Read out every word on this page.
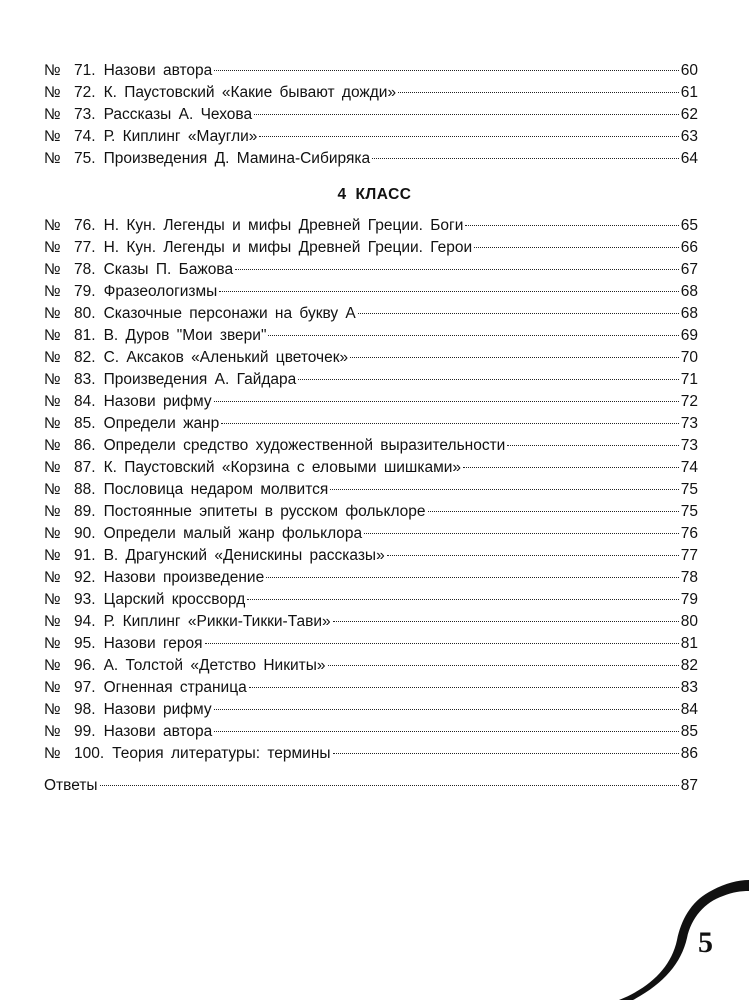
№ 71. Назови автора	60
№ 72. К. Паустовский «Какие бывают дожди»	61
№ 73. Рассказы А. Чехова	62
№ 74. Р. Киплинг «Маугли»	63
№ 75. Произведения Д. Мамина-Сибиряка	64
4 КЛАСС
№ 76. Н. Кун. Легенды и мифы Древней Греции. Боги	65
№ 77. Н. Кун. Легенды и мифы Древней Греции. Герои	66
№ 78. Сказы П. Бажова	67
№ 79. Фразеологизмы	68
№ 80. Сказочные персонажи на букву А	68
№ 81. В. Дуров "Мои звери"	69
№ 82. С. Аксаков «Аленький цветочек»	70
№ 83. Произведения А. Гайдара	71
№ 84. Назови рифму	72
№ 85. Определи жанр	73
№ 86. Определи средство художественной выразительности	73
№ 87. К. Паустовский «Корзина с еловыми шишками»	74
№ 88. Пословица недаром молвится	75
№ 89. Постоянные эпитеты в русском фольклоре	75
№ 90. Определи малый жанр фольклора	76
№ 91. В. Драгунский «Денискины рассказы»	77
№ 92. Назови произведение	78
№ 93. Царский кроссворд	79
№ 94. Р. Киплинг «Рикки-Тикки-Тави»	80
№ 95. Назови героя	81
№ 96. А. Толстой «Детство Никиты»	82
№ 97. Огненная страница	83
№ 98. Назови рифму	84
№ 99. Назови автора	85
№ 100. Теория литературы: термины	86
Ответы	87
5
